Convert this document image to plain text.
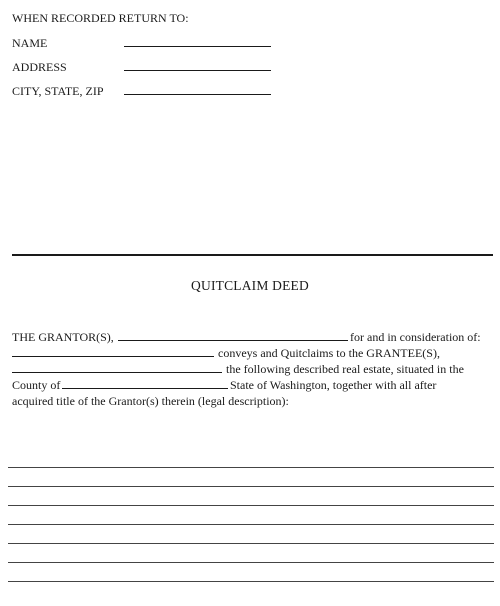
WHEN RECORDED RETURN TO:
NAME
ADDRESS
CITY, STATE, ZIP
QUITCLAIM DEED
THE GRANTOR(S),	for and in consideration of:
conveys and Quitclaims to the GRANTEE(S),
the following described real estate, situated in the
County of	State of Washington, together with all after
acquired title of the Grantor(s) therein (legal description):
